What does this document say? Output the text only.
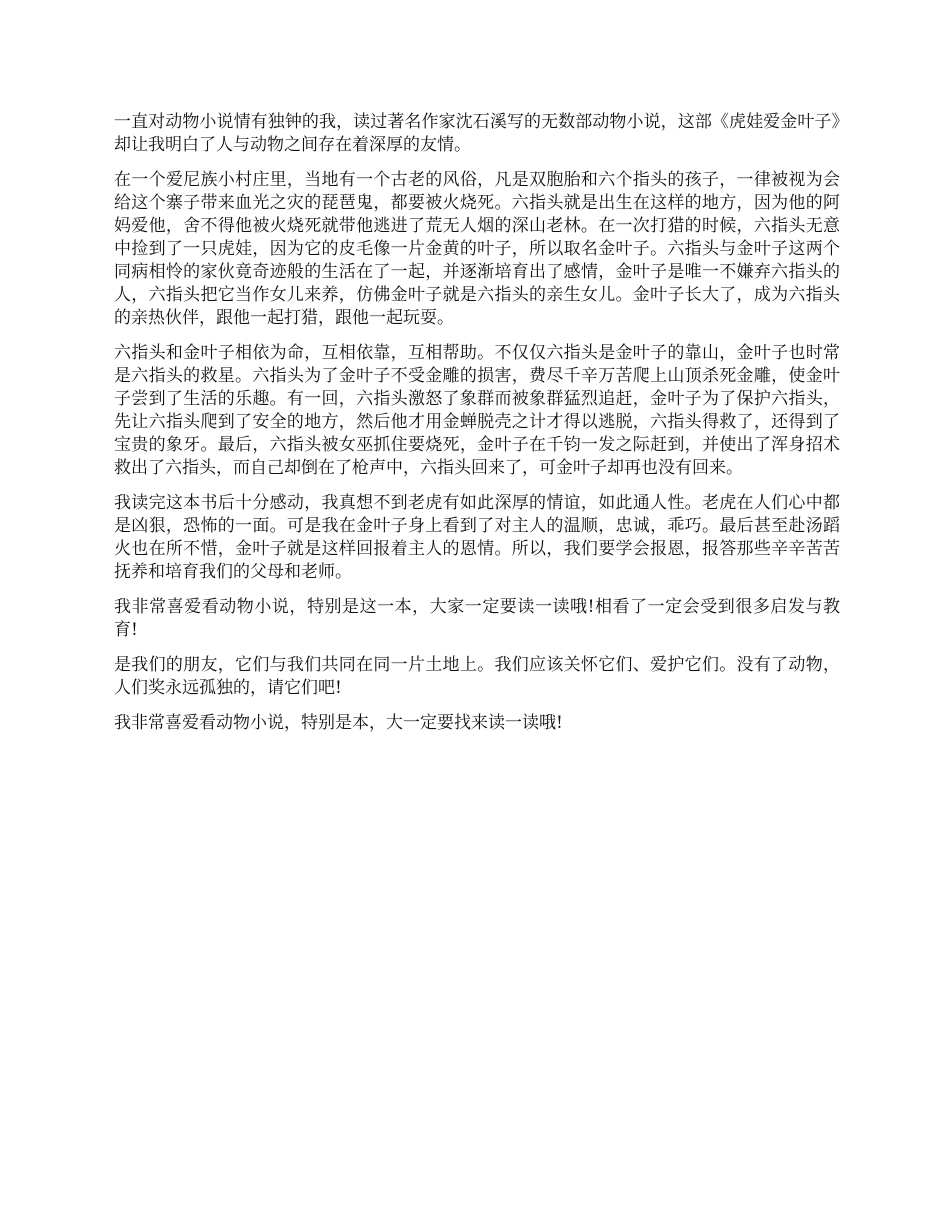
一直对动物小说情有独钟的我，读过著名作家沈石溪写的无数部动物小说，这部《虎娃爱金叶子》却让我明白了人与动物之间存在着深厚的友情。

在一个爱尼族小村庄里，当地有一个古老的风俗，凡是双胞胎和六个指头的孩子，一律被视为会给这个寨子带来血光之灾的琵琶鬼，都要被火烧死。六指头就是出生在这样的地方，因为他的阿妈爱他，舍不得他被火烧死就带他逃进了荒无人烟的深山老林。在一次打猎的时候，六指头无意中捡到了一只虎娃，因为它的皮毛像一片金黄的叶子，所以取名金叶子。六指头与金叶子这两个同病相怜的家伙竟奇迹般的生活在了一起，并逐渐培育出了感情，金叶子是唯一不嫌弃六指头的人，六指头把它当作女儿来养，仿佛金叶子就是六指头的亲生女儿。金叶子长大了，成为六指头的亲热伙伴，跟他一起打猎，跟他一起玩耍。

六指头和金叶子相依为命，互相依靠，互相帮助。不仅仅六指头是金叶子的靠山，金叶子也时常是六指头的救星。六指头为了金叶子不受金雕的损害，费尽千辛万苦爬上山顶杀死金雕，使金叶子尝到了生活的乐趣。有一回，六指头激怒了象群而被象群猛烈追赶，金叶子为了保护六指头，先让六指头爬到了安全的地方，然后他才用金蝉脱壳之计才得以逃脱，六指头得救了，还得到了宝贵的象牙。最后，六指头被女巫抓住要烧死，金叶子在千钧一发之际赶到，并使出了浑身招术救出了六指头，而自己却倒在了枪声中，六指头回来了，可金叶子却再也没有回来。

我读完这本书后十分感动，我真想不到老虎有如此深厚的情谊，如此通人性。老虎在人们心中都是凶狠，恐怖的一面。可是我在金叶子身上看到了对主人的温顺，忠诚，乖巧。最后甚至赴汤蹈火也在所不惜，金叶子就是这样回报着主人的恩情。所以，我们要学会报恩，报答那些辛辛苦苦抚养和培育我们的父母和老师。

我非常喜爱看动物小说，特别是这一本，大家一定要读一读哦!相看了一定会受到很多启发与教育!

是我们的朋友，它们与我们共同在同一片土地上。我们应该关怀它们、爱护它们。没有了动物，人们奖永远孤独的，请它们吧!

我非常喜爱看动物小说，特别是本，大一定要找来读一读哦!
